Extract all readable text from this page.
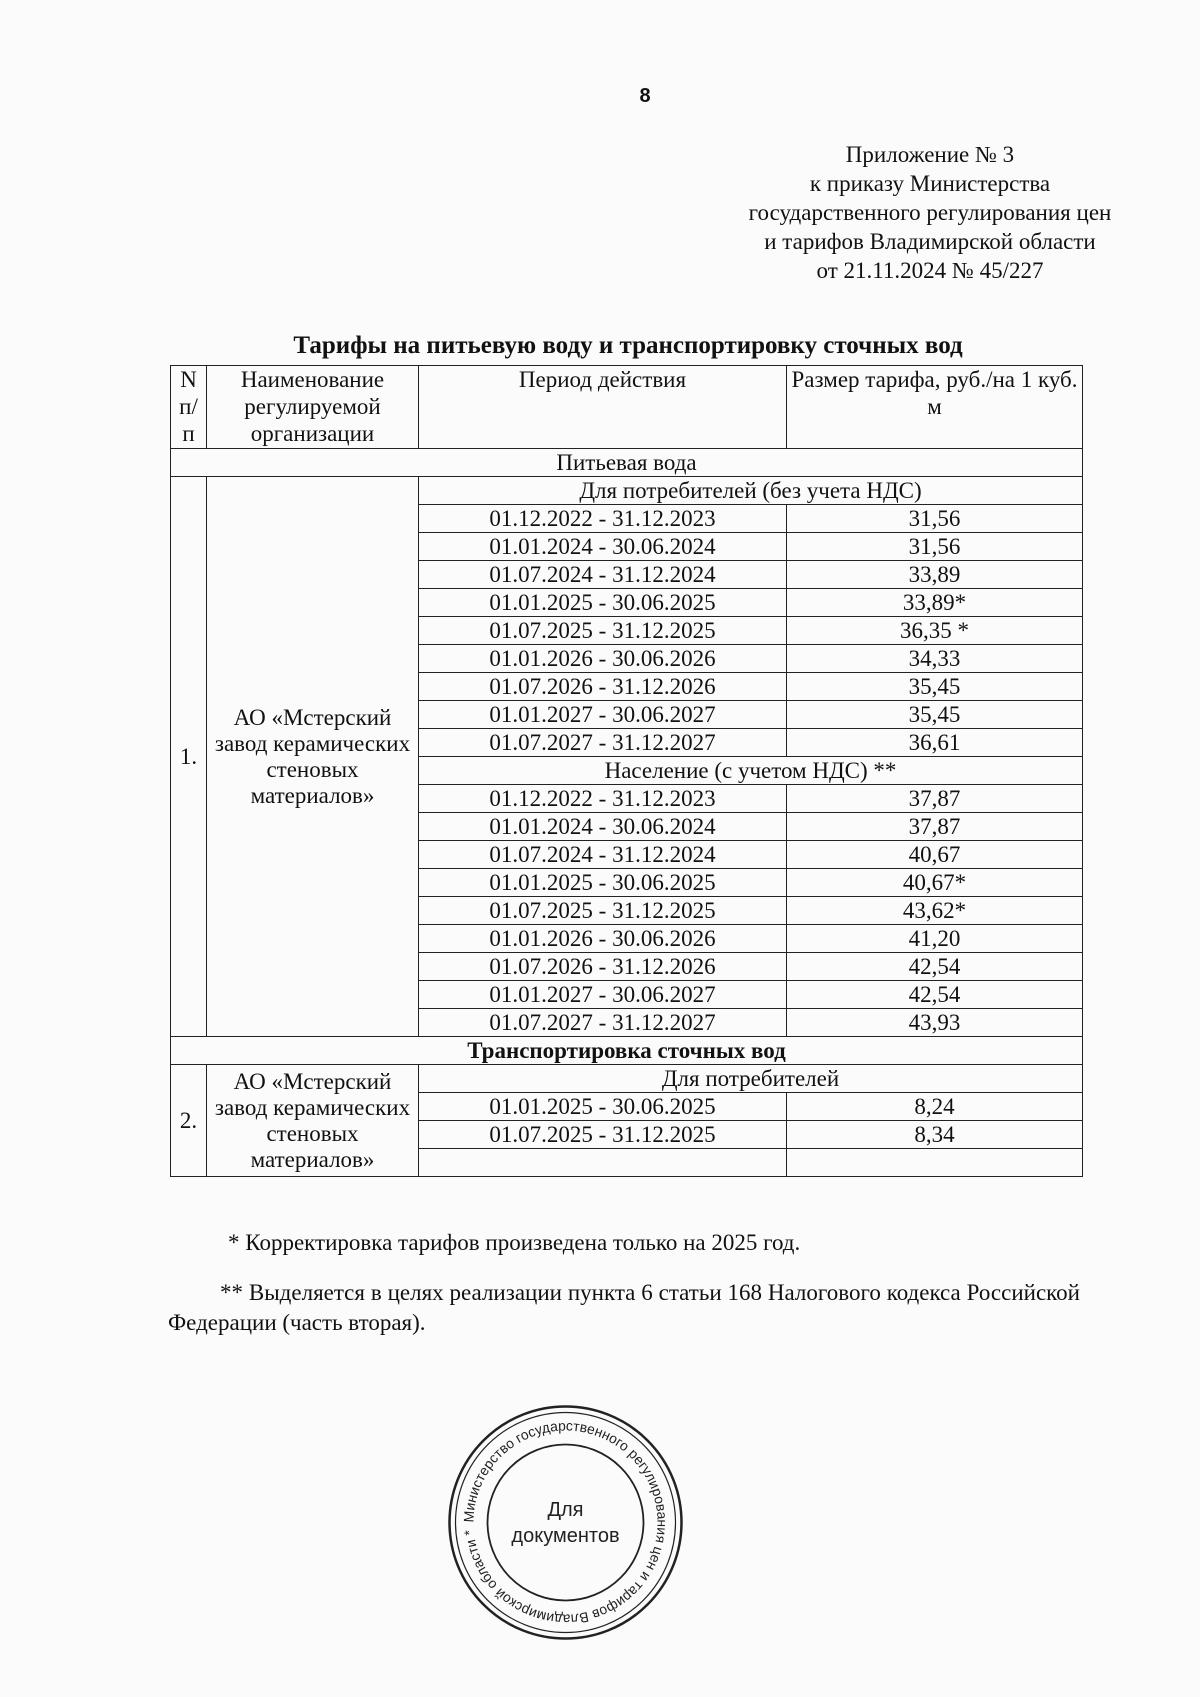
8
Приложение № 3
к приказу Министерства
государственного регулирования цен
и тарифов Владимирской области
от 21.11.2024 № 45/227
Тарифы на питьевую воду и транспортировку сточных вод
N п/п	Наименование регулируемой организации	Период действия	Размер тарифа, руб./на 1 куб. м
Питьевая вода			
1.	АО «Мстерский завод керамических стеновых материалов»	Для потребителей (без учета НДС)	
		01.12.2022 - 31.12.2023	31,56
		01.01.2024 - 30.06.2024	31,56
		01.07.2024 - 31.12.2024	33,89
		01.01.2025 - 30.06.2025	33,89*
		01.07.2025 - 31.12.2025	36,35 *
		01.01.2026 - 30.06.2026	34,33
		01.07.2026 - 31.12.2026	35,45
		01.01.2027 - 30.06.2027	35,45
		01.07.2027 - 31.12.2027	36,61
		Население (с учетом НДС) **	
		01.12.2022 - 31.12.2023	37,87
		01.01.2024 - 30.06.2024	37,87
		01.07.2024 - 31.12.2024	40,67
		01.01.2025 - 30.06.2025	40,67*
		01.07.2025 - 31.12.2025	43,62*
		01.01.2026 - 30.06.2026	41,20
		01.07.2026 - 31.12.2026	42,54
		01.01.2027 - 30.06.2027	42,54
		01.07.2027 - 31.12.2027	43,93
Транспортировка сточных вод			
2.	АО «Мстерский завод керамических стеновых материалов»	Для потребителей	
		01.01.2025 - 30.06.2025	8,24
		01.07.2025 - 31.12.2025	8,34

* Корректировка тарифов произведена только на 2025 год.
** Выделяется в целях реализации пункта 6 статьи 168 Налогового кодекса Российской Федерации (часть вторая).
Министерство государственного регулирования цен и тарифов Владимирской области *
Для
документов
